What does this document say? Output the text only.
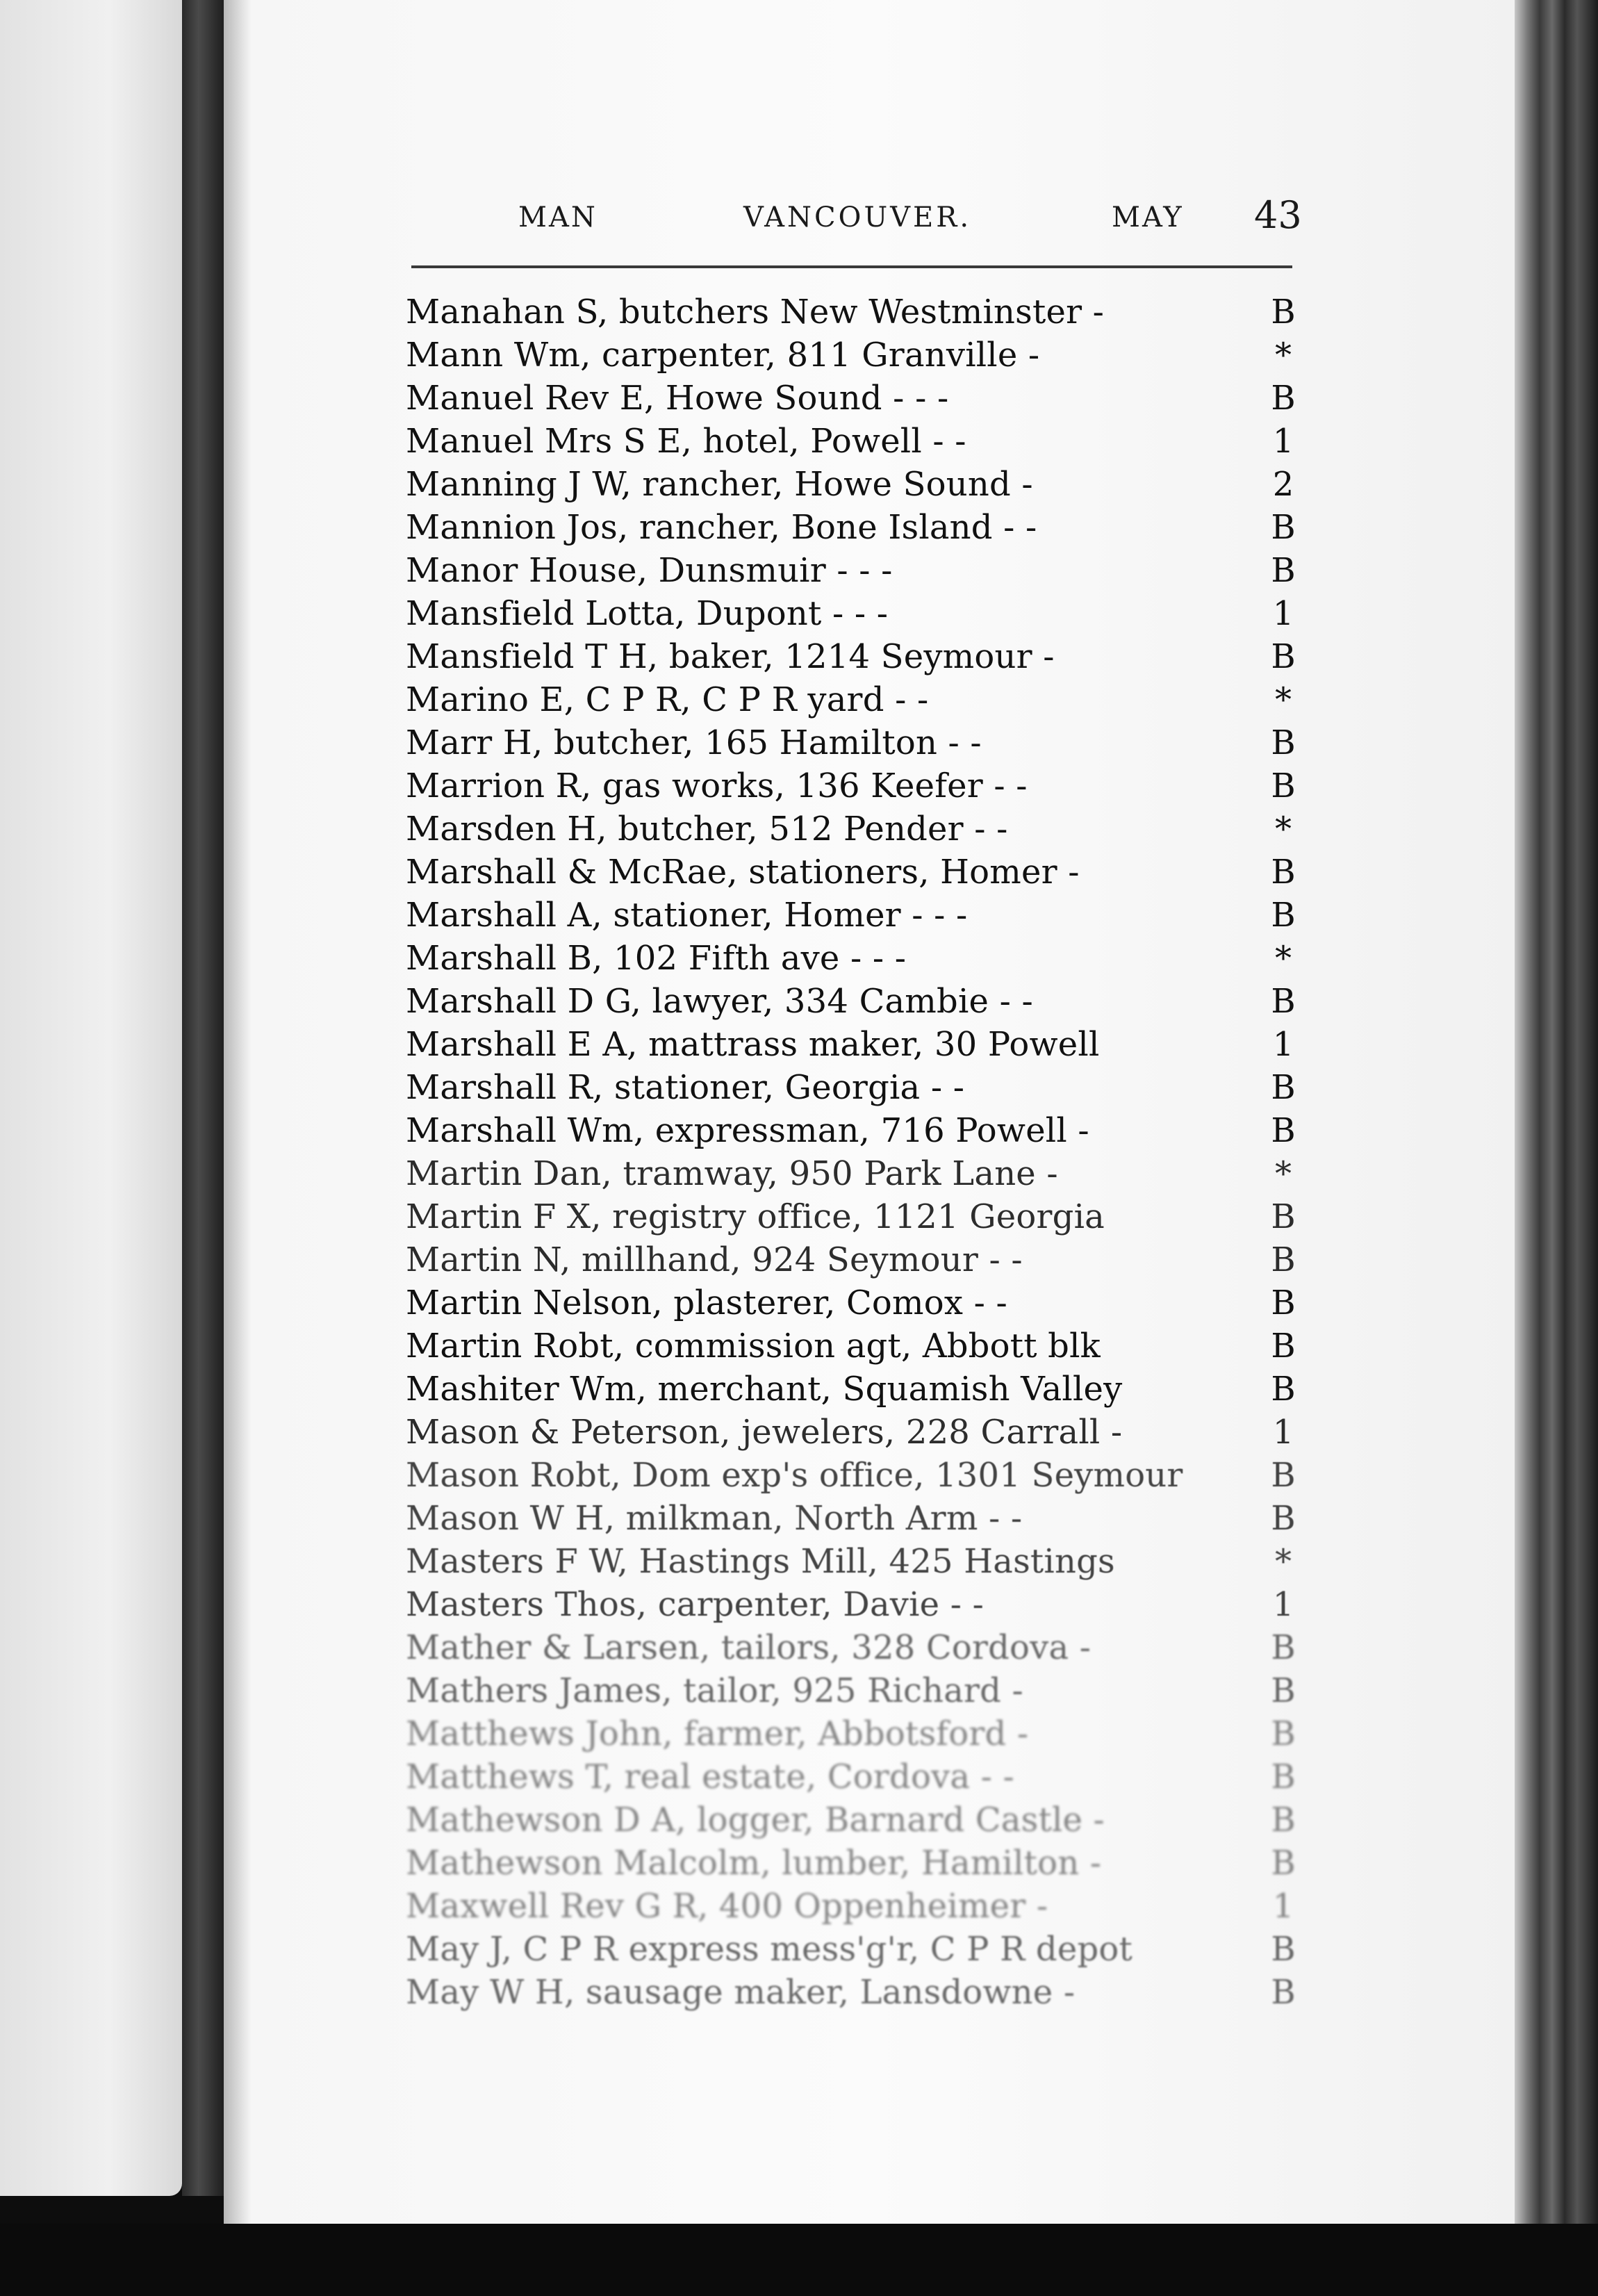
MAN	VANCOUVER.	MAY 43
Manahan S, butchers New Westminster -	B
Mann Wm, carpenter, 811 Granville -	*
Manuel Rev E, Howe Sound - - -	B
Manuel Mrs S E, hotel, Powell - -	1
Manning J W, rancher, Howe Sound -	2
Mannion Jos, rancher, Bone Island - -	B
Manor House, Dunsmuir - - -	B
Mansfield Lotta, Dupont - - -	1
Mansfield T H, baker, 1214 Seymour -	B
Marino E, C P R, C P R yard - -	*
Marr H, butcher, 165 Hamilton - -	B
Marrion R, gas works, 136 Keefer - -	B
Marsden H, butcher, 512 Pender - -	*
Marshall & McRae, stationers, Homer -	B
Marshall A, stationer, Homer - - -	B
Marshall B, 102 Fifth ave - - -	*
Marshall D G, lawyer, 334 Cambie - -	B
Marshall E A, mattrass maker, 30 Powell	1
Marshall R, stationer, Georgia - -	B
Marshall Wm, expressman, 716 Powell -	B
Martin Dan, tramway, 950 Park Lane -	*
Martin F X, registry office, 1121 Georgia	B
Martin N, millhand, 924 Seymour - -	B
Martin Nelson, plasterer, Comox - -	B
Martin Robt, commission agt, Abbott blk	B
Mashiter Wm, merchant, Squamish Valley	B
Mason & Peterson, jewelers, 228 Carrall -	1
Mason Robt, Dom exp's office, 1301 Seymour	B
Mason W H, milkman, North Arm - -	B
Masters F W, Hastings Mill, 425 Hastings	*
Masters Thos, carpenter, Davie - -	1
Mather & Larsen, tailors, 328 Cordova -	B
Mathers James, tailor, 925 Richard -	B
Matthews John, farmer, Abbotsford -	B
Matthews T, real estate, Cordova - -	B
Mathewson D A, logger, Barnard Castle -	B
Mathewson Malcolm, lumber, Hamilton -	B
Maxwell Rev G R, 400 Oppenheimer -	1
May J, C P R express mess'g'r, C P R depot	B
May W H, sausage maker, Lansdowne -	B
